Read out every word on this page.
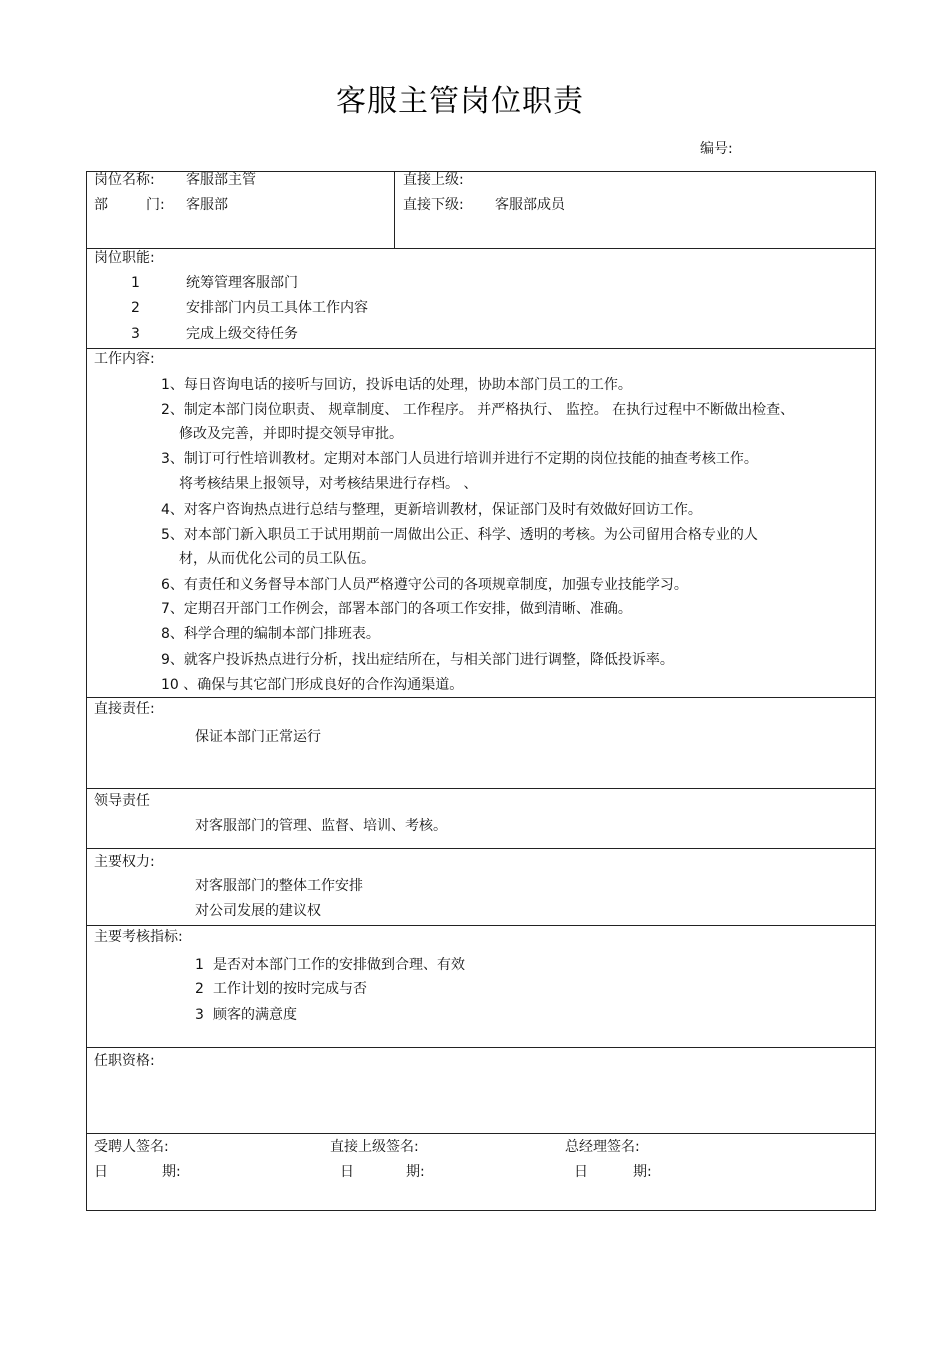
客服主管岗位职责
编号:
岗位名称: 客服部主管
部	门: 客服部
直接上级:
直接下级: 客服部成员
岗位职能:
1	统筹管理客服部门
2	安排部门内员工具体工作内容
3	完成上级交待任务
工作内容:
1、每日咨询电话的接听与回访，投诉电话的处理，协助本部门员工的工作。
2、制定本部门岗位职责、 规章制度、 工作程序。 并严格执行、 监控。 在执行过程中不断做出检查、
修改及完善，并即时提交领导审批。
3、制订可行性培训教材。定期对本部门人员进行培训并进行不定期的岗位技能的抽查考核工作。
将考核结果上报领导，对考核结果进行存档。 、
4、对客户咨询热点进行总结与整理，更新培训教材，保证部门及时有效做好回访工作。
5、对本部门新入职员工于试用期前一周做出公正、科学、透明的考核。为公司留用合格专业的人
材，从而优化公司的员工队伍。
6、有责任和义务督导本部门人员严格遵守公司的各项规章制度，加强专业技能学习。
7、定期召开部门工作例会，部署本部门的各项工作安排，做到清晰、准确。
8、科学合理的编制本部门排班表。
9、就客户投诉热点进行分析，找出症结所在，与相关部门进行调整，降低投诉率。
10 、确保与其它部门形成良好的合作沟通渠道。
直接责任:
保证本部门正常运行
领导责任
对客服部门的管理、监督、培训、考核。
主要权力:
对客服部门的整体工作安排
对公司发展的建议权
主要考核指标:
1 是否对本部门工作的安排做到合理、有效
2 工作计划的按时完成与否
3 顾客的满意度
任职资格:
受聘人签名:	直接上级签名:	总经理签名:
日	期:	日	期:	日	期:
